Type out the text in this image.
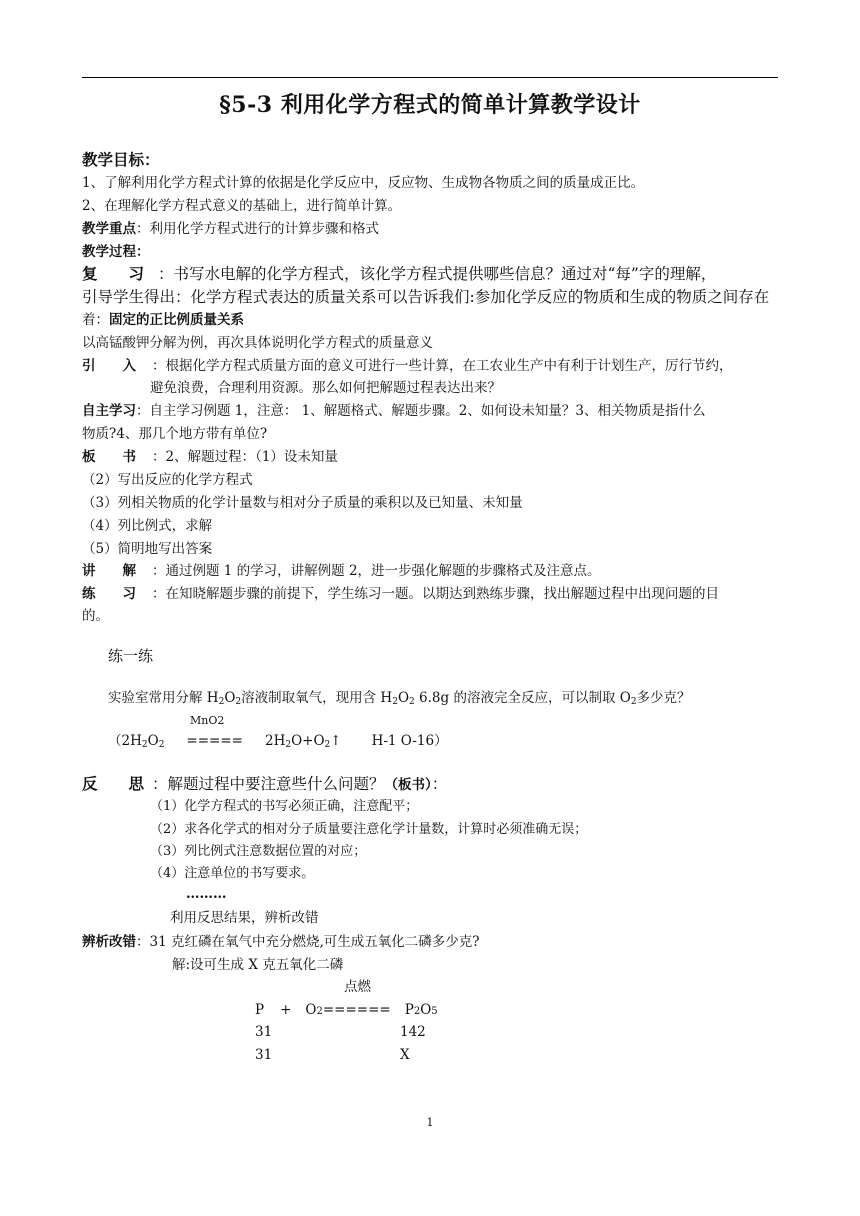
§5-3 利用化学方程式的简单计算教学设计
教学目标：
1、了解利用化学方程式计算的依据是化学反应中，反应物、生成物各物质之间的质量成正比。
2、在理解化学方程式意义的基础上，进行简单计算。
教学重点：利用化学方程式进行的计算步骤和格式
教学过程：
复　　习 ：书写水电解的化学方程式，该化学方程式提供哪些信息？通过对“每”字的理解，
引导学生得出：化学方程式表达的质量关系可以告诉我们:参加化学反应的物质和生成的物质之间存在
着：固定的正比例质量关系
以高锰酸钾分解为例，再次具体说明化学方程式的质量意义
引　　入 ：根据化学方程式质量方面的意义可进行一些计算，在工农业生产中有利于计划生产，厉行节约，
避免浪费，合理利用资源。那么如何把解题过程表达出来？
自主学习：自主学习例题 1，注意： 1、解题格式、解题步骤。2、如何设未知量？3、相关物质是指什么
物质?4、那几个地方带有单位?
板　　书 ：2、解题过程：（1）设未知量
（2）写出反应的化学方程式
（3）列相关物质的化学计量数与相对分子质量的乘积以及已知量、未知量
（4）列比例式，求解
（5）简明地写出答案
讲　　解 ：通过例题 1 的学习，讲解例题 2，进一步强化解题的步骤格式及注意点。
练　　习 ：在知晓解题步骤的前提下，学生练习一题。以期达到熟练步骤，找出解题过程中出现问题的目
的。
练一练
实验室常用分解 $H_2O_2$溶液制取氧气，现用含 $H_2O_2$ 6.8g 的溶液完全反应，可以制取 $O_2$多少克？
MnO2
（$2H_2O_2$ ===== $2H_2O+O_2↑$ H-1 O-16）
反　　思 ：解题过程中要注意些什么问题？（板书）：
（1）化学方程式的书写必须正确，注意配平；
（2）求各化学式的相对分子质量要注意化学计量数，计算时必须准确无误；
（3）列比例式注意数据位置的对应；
（4）注意单位的书写要求。
………
利用反思结果，辨析改错
辨析改错：31 克红磷在氧气中充分燃烧,可生成五氧化二磷多少克?
解:设可生成 X 克五氧化二磷
点燃
P + O2====== P2O5
31	142
31	X
1
